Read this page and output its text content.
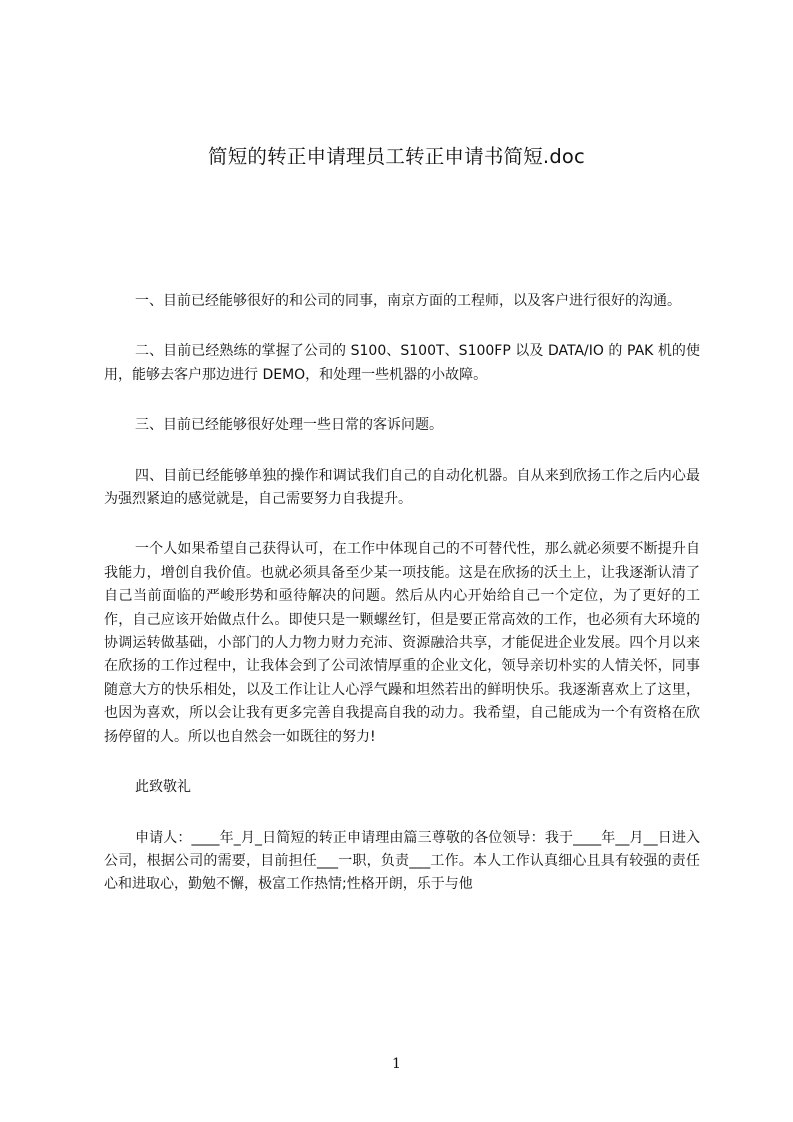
简短的转正申请理员工转正申请书简短.doc

一、目前已经能够很好的和公司的同事，南京方面的工程师，以及客户进行很好的沟通。

二、目前已经熟练的掌握了公司的 S100、S100T、S100FP 以及 DATA/IO 的 PAK 机的使用，能够去客户那边进行 DEMO，和处理一些机器的小故障。

三、目前已经能够很好处理一些日常的客诉问题。

四、目前已经能够单独的操作和调试我们自己的自动化机器。自从来到欣扬工作之后内心最为强烈紧迫的感觉就是，自己需要努力自我提升。

一个人如果希望自己获得认可，在工作中体现自己的不可替代性，那么就必须要不断提升自我能力，增创自我价值。也就必须具备至少某一项技能。这是在欣扬的沃土上，让我逐渐认清了自己当前面临的严峻形势和亟待解决的问题。然后从内心开始给自己一个定位，为了更好的工作，自己应该开始做点什么。即使只是一颗螺丝钉，但是要正常高效的工作，也必须有大环境的协调运转做基础，小部门的人力物力财力充沛、资源融洽共享，才能促进企业发展。四个月以来在欣扬的工作过程中，让我体会到了公司浓情厚重的企业文化，领导亲切朴实的人情关怀，同事随意大方的快乐相处，以及工作让让人心浮气躁和坦然若出的鲜明快乐。我逐渐喜欢上了这里，也因为喜欢，所以会让我有更多完善自我提高自我的动力。我希望，自己能成为一个有资格在欣扬停留的人。所以也自然会一如既往的努力!

此致敬礼

申请人：____年_月_日简短的转正申请理由篇三尊敬的各位领导：我于____年__月__日进入公司，根据公司的需要，目前担任___一职，负责___工作。本人工作认真细心且具有较强的责任心和进取心，勤勉不懈，极富工作热情;性格开朗，乐于与他

1
